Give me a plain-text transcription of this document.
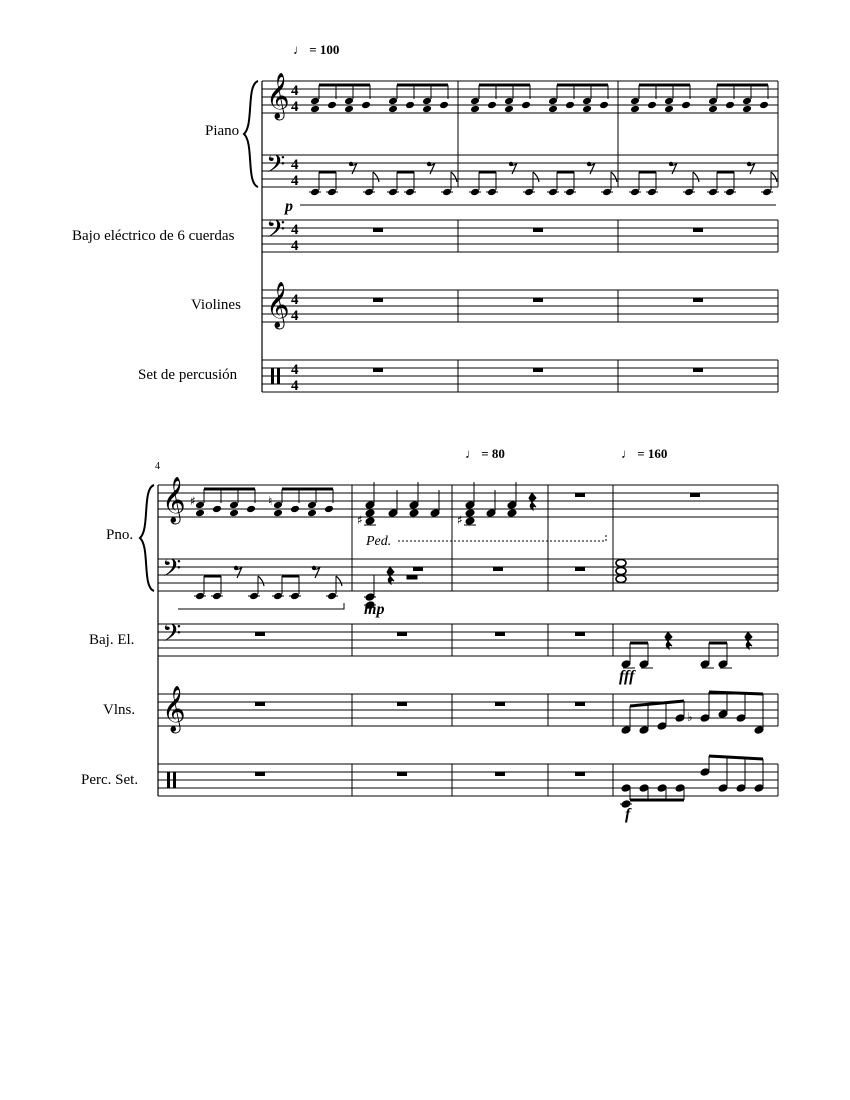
Piano
Bajo eléctrico de 6 cuerdas
Violines
Set de percusión
Pno.
Baj. El.
Vlns.
Perc. Set.
♩ = 100
♩ = 80	♩ = 160
4
𝄞
𝄢
𝄢
𝄞
4
4
4
4
4
4
4
4
4
4
p
𝄞
𝄢
𝄢
𝄞
♯	♮
♯	♯
Ped.
mp
fff
♭
f
